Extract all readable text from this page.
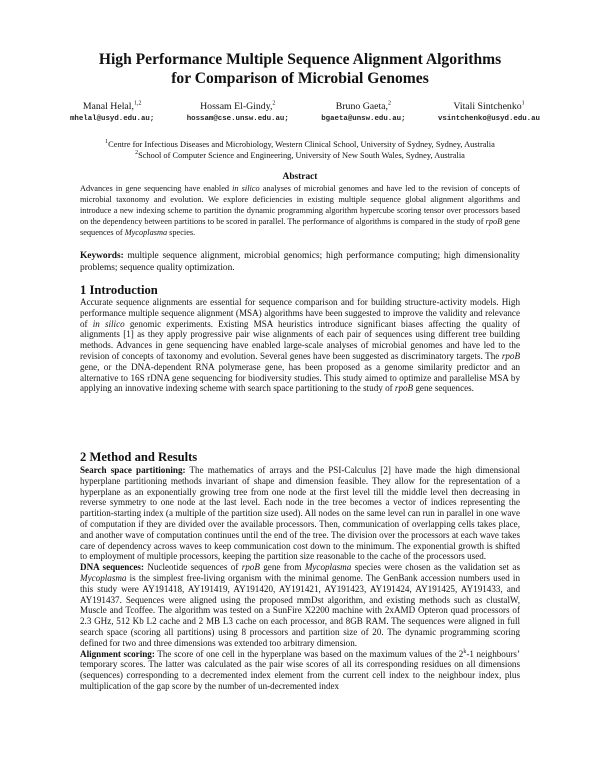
High Performance Multiple Sequence Alignment Algorithms
for Comparison of Microbial Genomes
Manal Helal,$^{1,2}$
mhelal@usyd.edu.au;
Hossam El-Gindy,$^2$
hossam@cse.unsw.edu.au;
Bruno Gaeta,$^2$
bgaeta@unsw.edu.au;
Vitali Sintchenko$^1$
vsintchenko@usyd.edu.au
$^1$Centre for Infectious Diseases and Microbiology, Western Clinical School, University of Sydney, Sydney, Australia
$^2$School of Computer Science and Engineering, University of New South Wales, Sydney, Australia
Abstract
Advances in gene sequencing have enabled in silico analyses of microbial genomes and have led to the revision of concepts of microbial taxonomy and evolution. We explore deficiencies in existing multiple sequence global alignment algorithms and introduce a new indexing scheme to partition the dynamic programming algorithm hypercube scoring tensor over processors based on the dependency between partitions to be scored in parallel. The performance of algorithms is compared in the study of rpoB gene sequences of Mycoplasma species.
Keywords: multiple sequence alignment, microbial genomics; high performance computing; high dimensionality problems; sequence quality optimization.
1 Introduction
Accurate sequence alignments are essential for sequence comparison and for building structure-activity models. High performance multiple sequence alignment (MSA) algorithms have been suggested to improve the validity and relevance of in silico genomic experiments. Existing MSA heuristics introduce significant biases affecting the quality of alignments [1] as they apply progressive pair wise alignments of each pair of sequences using different tree building methods. Advances in gene sequencing have enabled large-scale analyses of microbial genomes and have led to the revision of concepts of taxonomy and evolution. Several genes have been suggested as discriminatory targets. The rpoB gene, or the DNA-dependent RNA polymerase gene, has been proposed as a genome similarity predictor and an alternative to 16S rDNA gene sequencing for biodiversity studies. This study aimed to optimize and parallelise MSA by applying an innovative indexing scheme with search space partitioning to the study of rpoB gene sequences.
2 Method and Results

Search space partitioning: The mathematics of arrays and the PSI-Calculus [2] have made the high dimensional hyperplane partitioning methods invariant of shape and dimension feasible. They allow for the representation of a hyperplane as an exponentially growing tree from one node at the first level till the middle level then decreasing in reverse symmetry to one node at the last level. Each node in the tree becomes a vector of indices representing the partition-starting index (a multiple of the partition size used). All nodes on the same level can run in parallel in one wave of computation if they are divided over the available processors. Then, communication of overlapping cells takes place, and another wave of computation continues until the end of the tree. The division over the processors at each wave takes care of dependency across waves to keep communication cost down to the minimum. The exponential growth is shifted to employment of multiple processors, keeping the partition size reasonable to the cache of the processors used.

DNA sequences: Nucleotide sequences of rpoB gene from Mycoplasma species were chosen as the validation set as Mycoplasma is the simplest free-living organism with the minimal genome. The GenBank accession numbers used in this study were AY191418, AY191419, AY191420, AY191421, AY191423, AY191424, AY191425, AY191433, and AY191437. Sequences were aligned using the proposed mmDst algorithm, and existing methods such as clustalW, Muscle and Tcoffee. The algorithm was tested on a SunFire X2200 machine with 2xAMD Opteron quad processors of 2.3 GHz, 512 Kb L2 cache and 2 MB L3 cache on each processor, and 8GB RAM. The sequences were aligned in full search space (scoring all partitions) using 8 processors and partition size of 20. The dynamic programming scoring defined for two and three dimensions was extended too arbitrary dimension.

Alignment scoring: The score of one cell in the hyperplane was based on the maximum values of the 2$^k$-1 neighbours’ temporary scores. The latter was calculated as the pair wise scores of all its corresponding residues on all dimensions (sequences) corresponding to a decremented index element from the current cell index to the neighbour index, plus multiplication of the gap score by the number of un-decremented index
